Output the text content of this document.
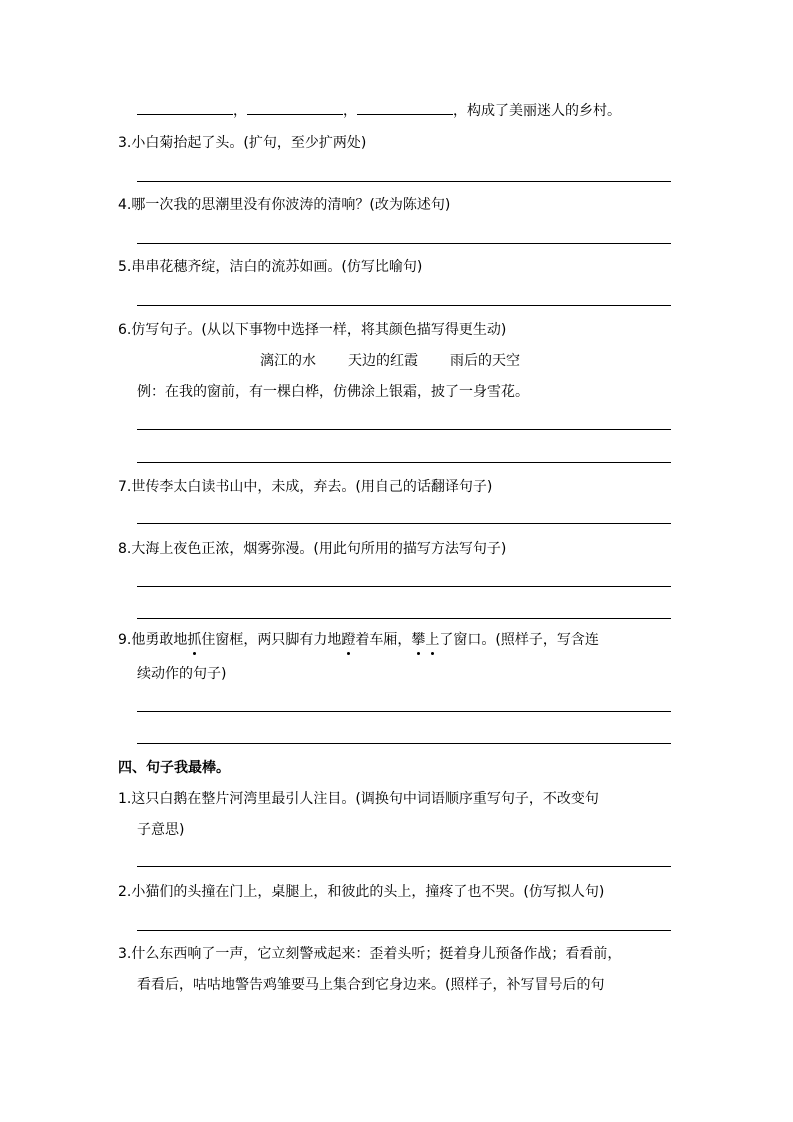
，	，	，构成了美丽迷人的乡村。
3.小白菊抬起了头。(扩句，至少扩两处)
4.哪一次我的思潮里没有你波涛的清响？(改为陈述句)
5.串串花穗齐绽，洁白的流苏如画。(仿写比喻句)
6.仿写句子。(从以下事物中选择一样，将其颜色描写得更生动)
漓江的水 天边的红霞 雨后的天空
例：在我的窗前，有一棵白桦，仿佛涂上银霜，披了一身雪花。
7.世传李太白读书山中，未成，弃去。(用自己的话翻译句子)
8.大海上夜色正浓，烟雾弥漫。(用此句所用的描写方法写句子)
9.他勇敢地抓住窗框，两只脚有力地蹬着车厢，攀上了窗口。(照样子，写含连
续动作的句子)
四、句子我最棒。
1.这只白鹅在整片河湾里最引人注目。(调换句中词语顺序重写句子，不改变句
子意思)
2.小猫们的头撞在门上，桌腿上，和彼此的头上，撞疼了也不哭。(仿写拟人句)
3.什么东西响了一声，它立刻警戒起来：歪着头听；挺着身儿预备作战；看看前，
看看后，咕咕地警告鸡雏要马上集合到它身边来。(照样子，补写冒号后的句
